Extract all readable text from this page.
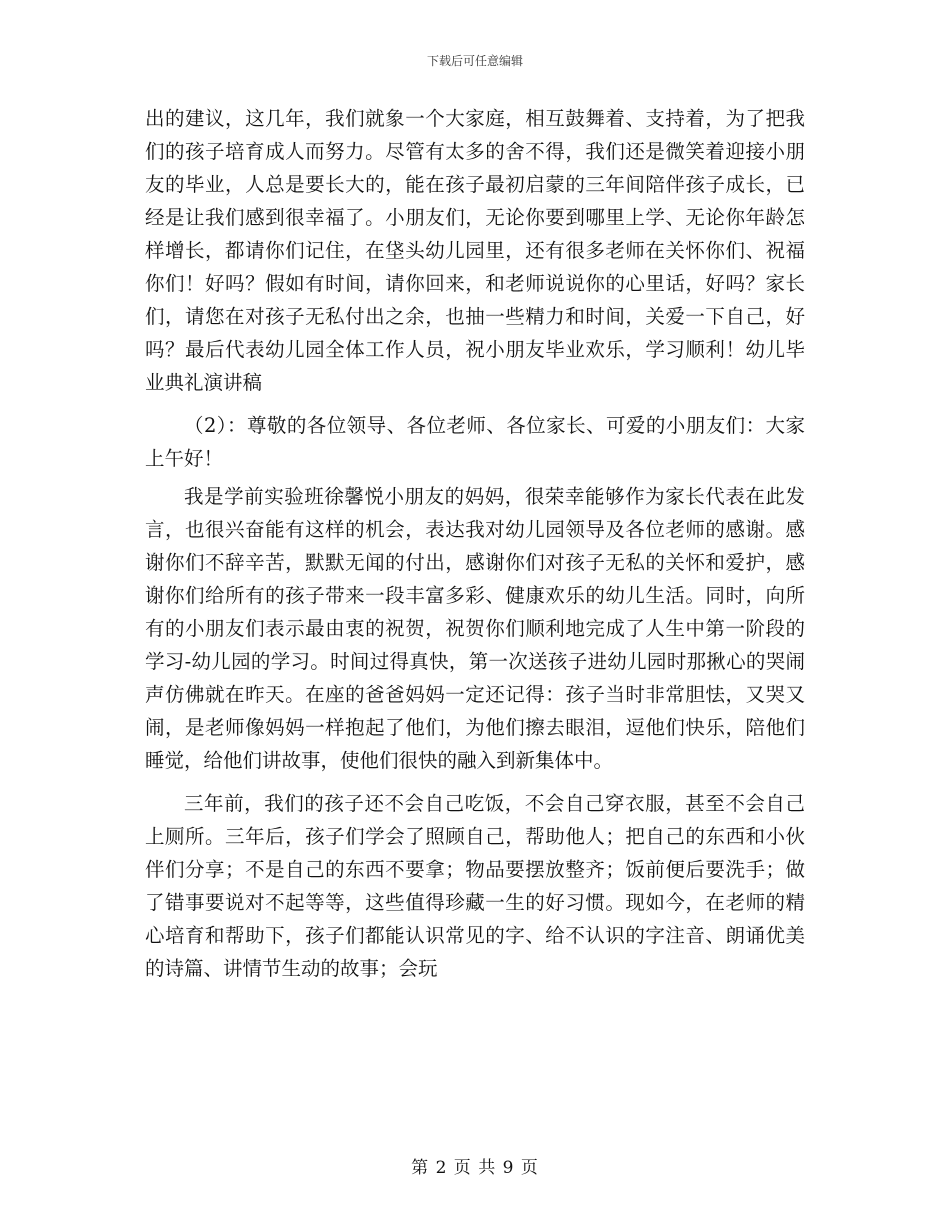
下载后可任意编辑

出的建议，这几年，我们就象一个大家庭，相互鼓舞着、支持着，为了把我们的孩子培育成人而努力。尽管有太多的舍不得，我们还是微笑着迎接小朋友的毕业，人总是要长大的，能在孩子最初启蒙的三年间陪伴孩子成长，已经是让我们感到很幸福了。小朋友们，无论你要到哪里上学、无论你年龄怎样增长，都请你们记住，在垡头幼儿园里，还有很多老师在关怀你们、祝福你们！好吗？假如有时间，请你回来，和老师说说你的心里话，好吗？家长们，请您在对孩子无私付出之余，也抽一些精力和时间，关爱一下自己，好吗？最后代表幼儿园全体工作人员，祝小朋友毕业欢乐，学习顺利！幼儿毕业典礼演讲稿

（2）：尊敬的各位领导、各位老师、各位家长、可爱的小朋友们：大家上午好！

我是学前实验班徐馨悦小朋友的妈妈，很荣幸能够作为家长代表在此发言，也很兴奋能有这样的机会，表达我对幼儿园领导及各位老师的感谢。感谢你们不辞辛苦，默默无闻的付出，感谢你们对孩子无私的关怀和爱护，感谢你们给所有的孩子带来一段丰富多彩、健康欢乐的幼儿生活。同时，向所有的小朋友们表示最由衷的祝贺，祝贺你们顺利地完成了人生中第一阶段的学习-幼儿园的学习。时间过得真快，第一次送孩子进幼儿园时那揪心的哭闹声仿佛就在昨天。在座的爸爸妈妈一定还记得：孩子当时非常胆怯，又哭又闹，是老师像妈妈一样抱起了他们，为他们擦去眼泪，逗他们快乐，陪他们睡觉，给他们讲故事，使他们很快的融入到新集体中。

三年前，我们的孩子还不会自己吃饭，不会自己穿衣服，甚至不会自己上厕所。三年后，孩子们学会了照顾自己，帮助他人；把自己的东西和小伙伴们分享；不是自己的东西不要拿；物品要摆放整齐；饭前便后要洗手；做了错事要说对不起等等，这些值得珍藏一生的好习惯。现如今，在老师的精心培育和帮助下，孩子们都能认识常见的字、给不认识的字注音、朗诵优美的诗篇、讲情节生动的故事；会玩

第 2 页 共 9 页
